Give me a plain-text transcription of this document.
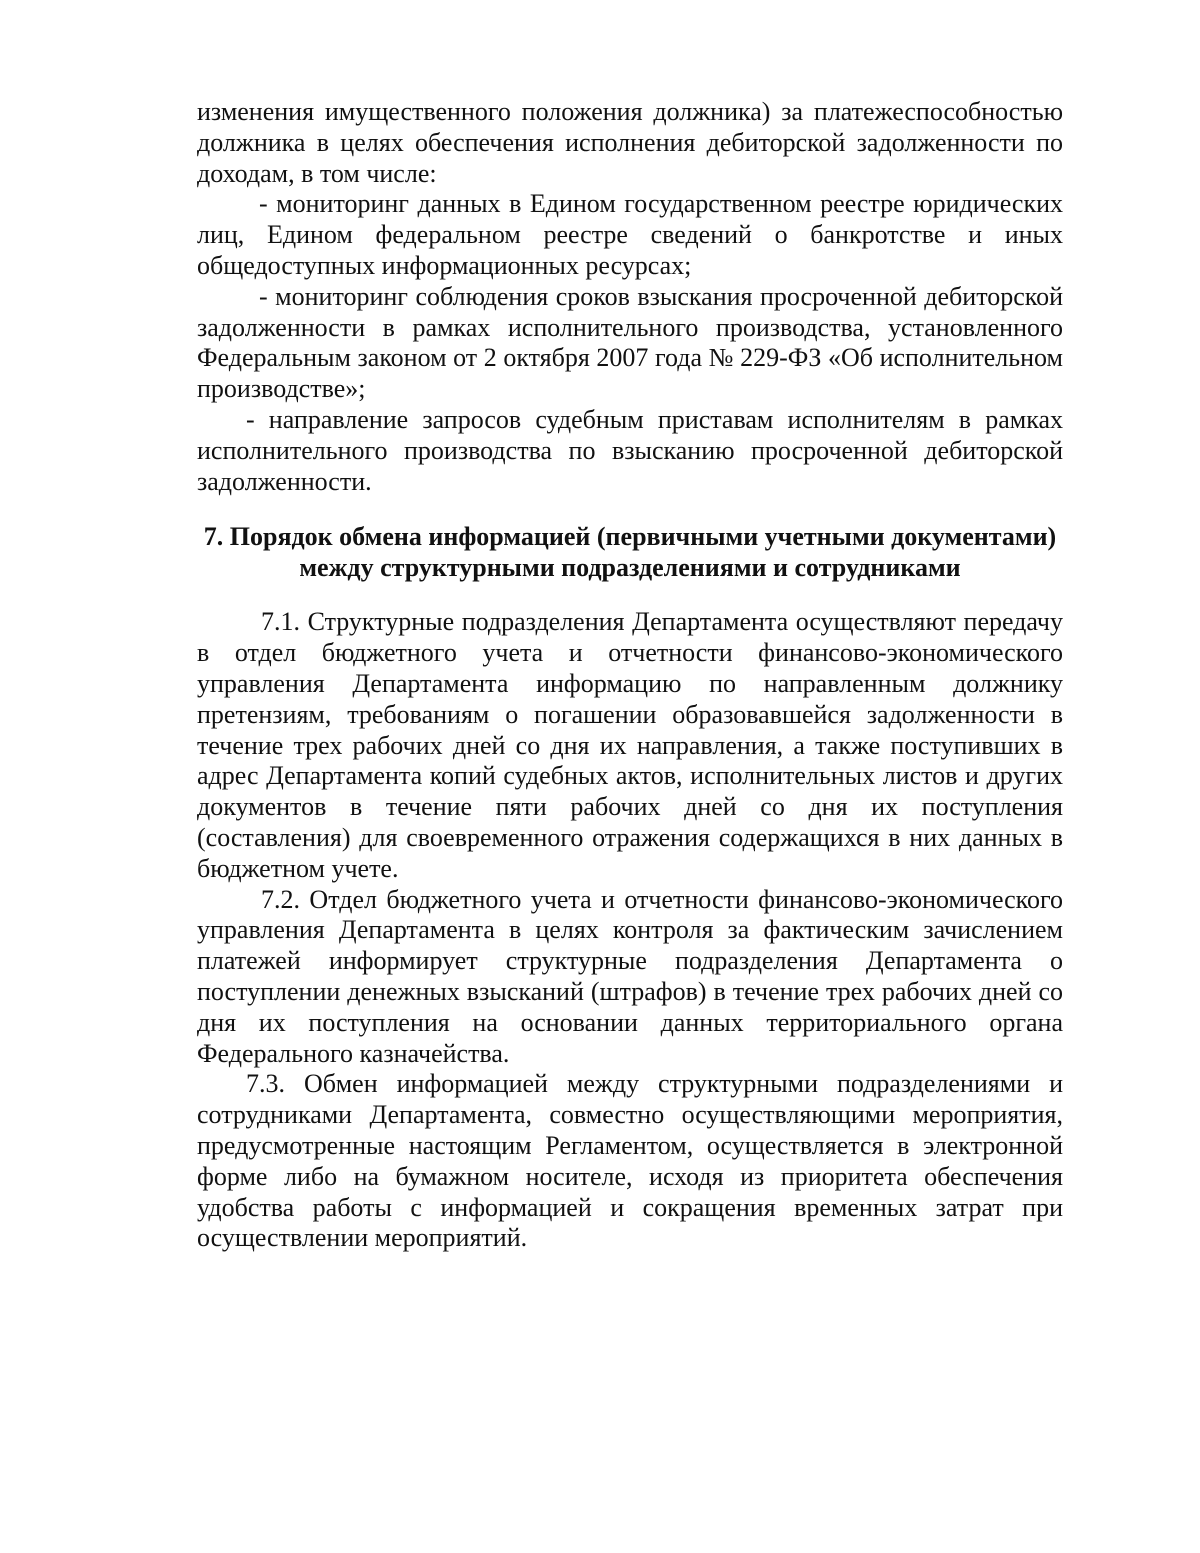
изменения имущественного положения должника) за платежеспособностью должника в целях обеспечения исполнения дебиторской задолженности по доходам, в том числе:

- мониторинг данных в Едином государственном реестре юридических лиц, Едином федеральном реестре сведений о банкротстве и иных общедоступных информационных ресурсах;

- мониторинг соблюдения сроков взыскания просроченной дебиторской задолженности в рамках исполнительного производства, установленного Федеральным законом от 2 октября 2007 года № 229-ФЗ «Об исполнительном производстве»;

- направление запросов судебным приставам исполнителям в рамках исполнительного производства по взысканию просроченной дебиторской задолженности.

7. Порядок обмена информацией (первичными учетными документами)
между структурными подразделениями и сотрудниками

7.1. Структурные подразделения Департамента осуществляют передачу в отдел бюджетного учета и отчетности финансово-экономического управления Департамента информацию по направленным должнику претензиям, требованиям о погашении образовавшейся задолженности в течение трех рабочих дней со дня их направления, а также поступивших в адрес Департамента копий судебных актов, исполнительных листов и других документов в течение пяти рабочих дней со дня их поступления (составления) для своевременного отражения содержащихся в них данных в бюджетном учете.

7.2. Отдел бюджетного учета и отчетности финансово-экономического управления Департамента в целях контроля за фактическим зачислением платежей информирует структурные подразделения Департамента о поступлении денежных взысканий (штрафов) в течение трех рабочих дней со дня их поступления на основании данных территориального органа Федерального казначейства.

7.3. Обмен информацией между структурными подразделениями и сотрудниками Департамента, совместно осуществляющими мероприятия, предусмотренные настоящим Регламентом, осуществляется в электронной форме либо на бумажном носителе, исходя из приоритета обеспечения удобства работы с информацией и сокращения временных затрат при осуществлении мероприятий.
